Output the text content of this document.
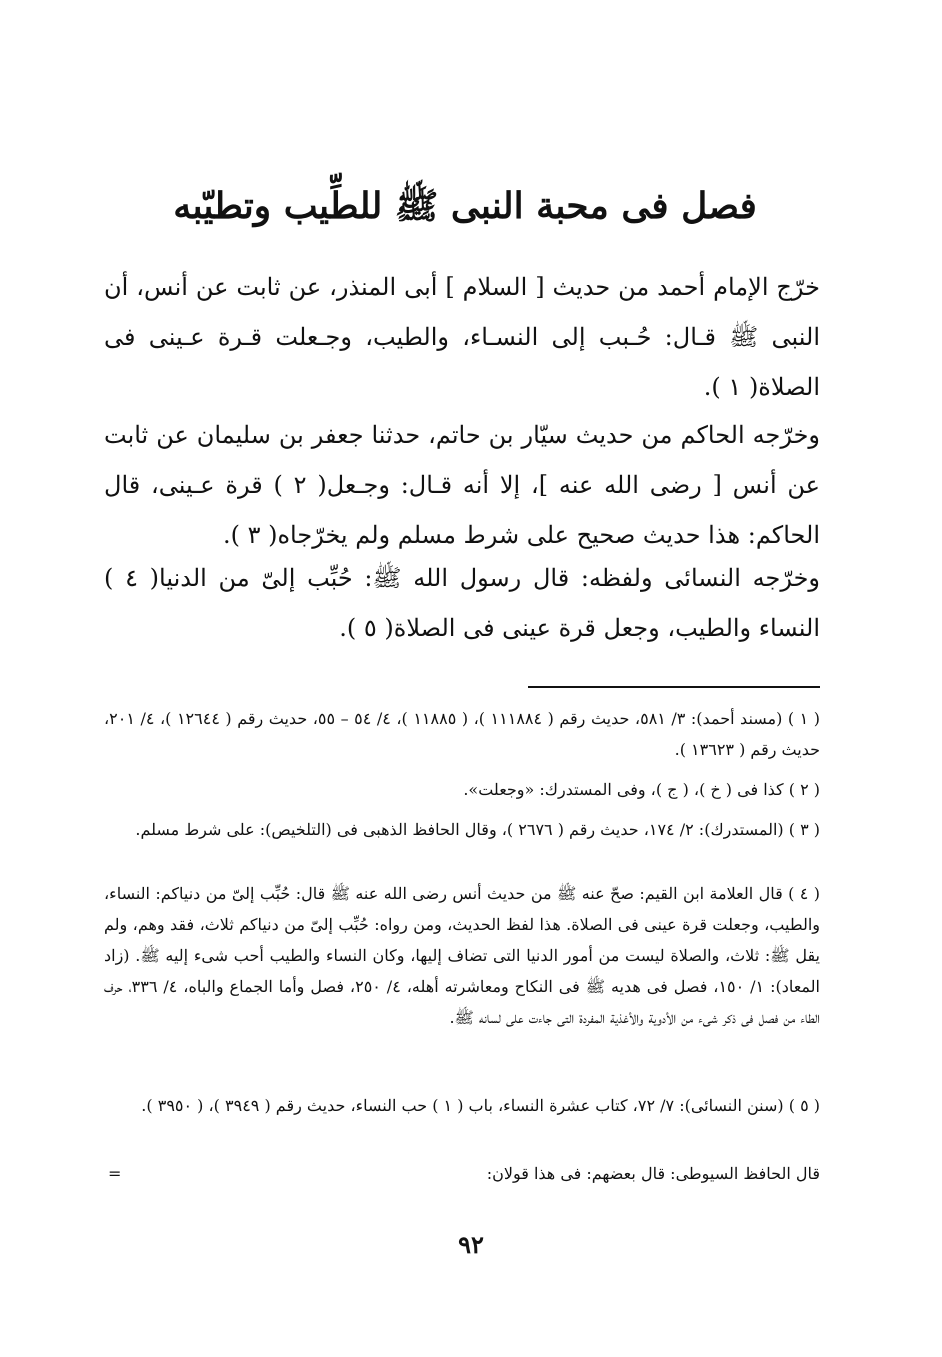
فصل فى محبة النبى ﷺ للطِّيب وتطيّبه

خرّج الإمام أحمد من حديث [ السلام ] أبى المنذر، عن ثابت عن أنس، أن النبى ﷺ قـال: حُـبب إلى النسـاء، والطيب، وجـعلت قـرة عـينى فى الصلاة( ١ ).

وخرّجه الحاكم من حديث سيّار بن حاتم، حدثنا جعفر بن سليمان عن ثابت عن أنس [ رضى الله عنه ]، إلا أنه قـال: وجـعل( ٢ ) قرة عـينى، قال الحاكم: هذا حديث صحيح على شرط مسلم ولم يخرّجاه( ٣ ).

وخرّجه النسائى ولفظه: قال رسول الله ﷺ: حُبِّب إلىّ من الدنيا( ٤ ) النساء والطيب، وجعل قرة عينى فى الصلاة( ٥ ).

( ١ ) (مسند أحمد): ٣/ ٥٨١، حديث رقم ( ١١١٨٨٤ )، ( ١١٨٨٥ )، ٤/ ٥٤ – ٥٥، حديث رقم ( ١٢٦٤٤ )، ٤/ ٢٠١، حديث رقم ( ١٣٦٢٣ ).

( ٢ ) كذا فى ( خ )، ( ج )، وفى المستدرك: «وجعلت».

( ٣ ) (المستدرك): ٢/ ١٧٤، حديث رقم ( ٢٦٧٦ )، وقال الحافظ الذهبى فى (التلخيص): على شرط مسلم.

( ٤ ) قال العلامة ابن القيم: صحّ عنه ﷺ من حديث أنس رضى الله عنه ﷺ قال: حُبِّب إلىّ من دنياكم: النساء، والطيب، وجعلت قرة عينى فى الصلاة. هذا لفظ الحديث، ومن رواه: حُبِّب إلىّ من دنياكم ثلاث، فقد وهم، ولم يقل ﷺ: ثلاث، والصلاة ليست من أمور الدنيا التى تضاف إليها، وكان النساء والطيب أحب شىء إليه ﷺ. (زاد المعاد): ١/ ١٥٠، فصل فى هديه ﷺ فى النكاح ومعاشرته أهله، ٤/ ٢٥٠، فصل وأما الجماع والباه، ٤/ ٣٣٦، حرف الطاء من فصل فى ذكر شىء من الأدوية والأغذية المفردة التى جاءت على لسانه ﷺ.

( ٥ ) (سنن النسائى): ٧/ ٧٢، كتاب عشرة النساء، باب ( ١ ) حب النساء، حديث رقم ( ٣٩٤٩ )، ( ٣٩٥٠ ).

قال الحافظ السيوطى: قال بعضهم: فى هذا قولان:

=
٩٢
